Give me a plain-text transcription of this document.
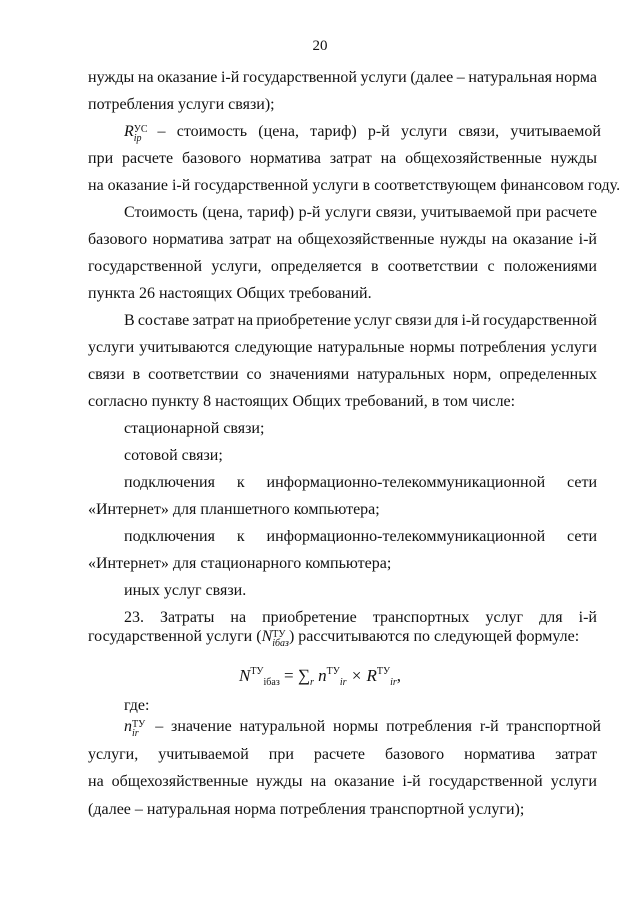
20
нужды на оказание i-й государственной услуги (далее – натуральная норма
потребления услуги связи);
R УС
ip
– стоимость (цена, тариф) p-й услуги связи, учитываемой
при расчете базового норматива затрат на общехозяйственные нужды
на оказание i-й государственной услуги в соответствующем финансовом году.
Стоимость (цена, тариф) p-й услуги связи, учитываемой при расчете
базового норматива затрат на общехозяйственные нужды на оказание i-й
государственной услуги, определяется в соответствии с положениями
пункта 26 настоящих Общих требований.
В составе затрат на приобретение услуг связи для i-й государственной
услуги учитываются следующие натуральные нормы потребления услуги
связи в соответствии со значениями натуральных норм, определенных
согласно пункту 8 настоящих Общих требований, в том числе:
стационарной связи;
сотовой связи;
подключения к информационно-телекоммуникационной сети
«Интернет» для планшетного компьютера;
подключения к информационно-телекоммуникационной сети
«Интернет» для стационарного компьютера;
иных услуг связи.
23. Затраты на приобретение транспортных услуг для i-й
государственной услуги (N ТУ
iбаз ) рассчитываются по следующей формуле:
$N^{ТУ}_{iбаз} = \sum_r$ $n^{ТУ}_{ir} \times R^{ТУ}_{ir}$,
где:
n ТУ
ir
	– значение натуральной нормы потребления r-й транспортной
услуги, учитываемой при расчете базового норматива затрат
на общехозяйственные нужды на оказание i-й государственной услуги
(далее – натуральная норма потребления транспортной услуги);
